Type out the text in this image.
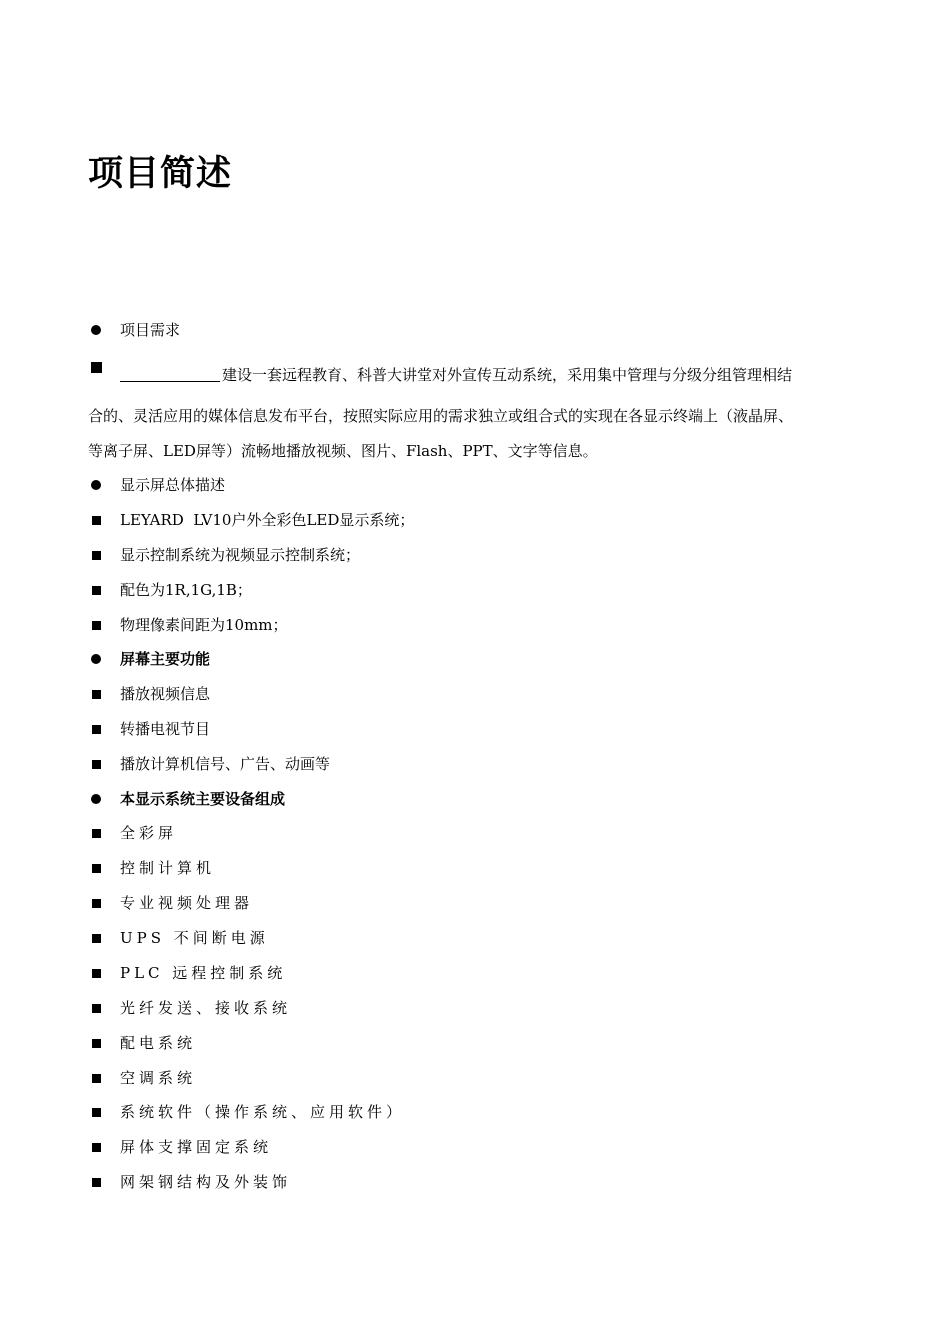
项目简述
项目需求
建设一套远程教育、科普大讲堂对外宣传互动系统，采用集中管理与分级分组管理相结
合的、灵活应用的媒体信息发布平台，按照实际应用的需求独立或组合式的实现在各显示终端上（液晶屏、
等离子屏、LED屏等）流畅地播放视频、图片、Flash、PPT、文字等信息。
显示屏总体描述
LEYARD  LV10户外全彩色LED显示系统；
显示控制系统为视频显示控制系统；
配色为1R,1G,1B；
物理像素间距为10mm；
屏幕主要功能
播放视频信息
转播电视节目
播放计算机信号、广告、动画等
本显示系统主要设备组成
全彩屏
控制计算机
专业视频处理器
UPS 不间断电源
PLC 远程控制系统
光纤发送、接收系统
配电系统
空调系统
系统软件（操作系统、应用软件）
屏体支撑固定系统
网架钢结构及外装饰
